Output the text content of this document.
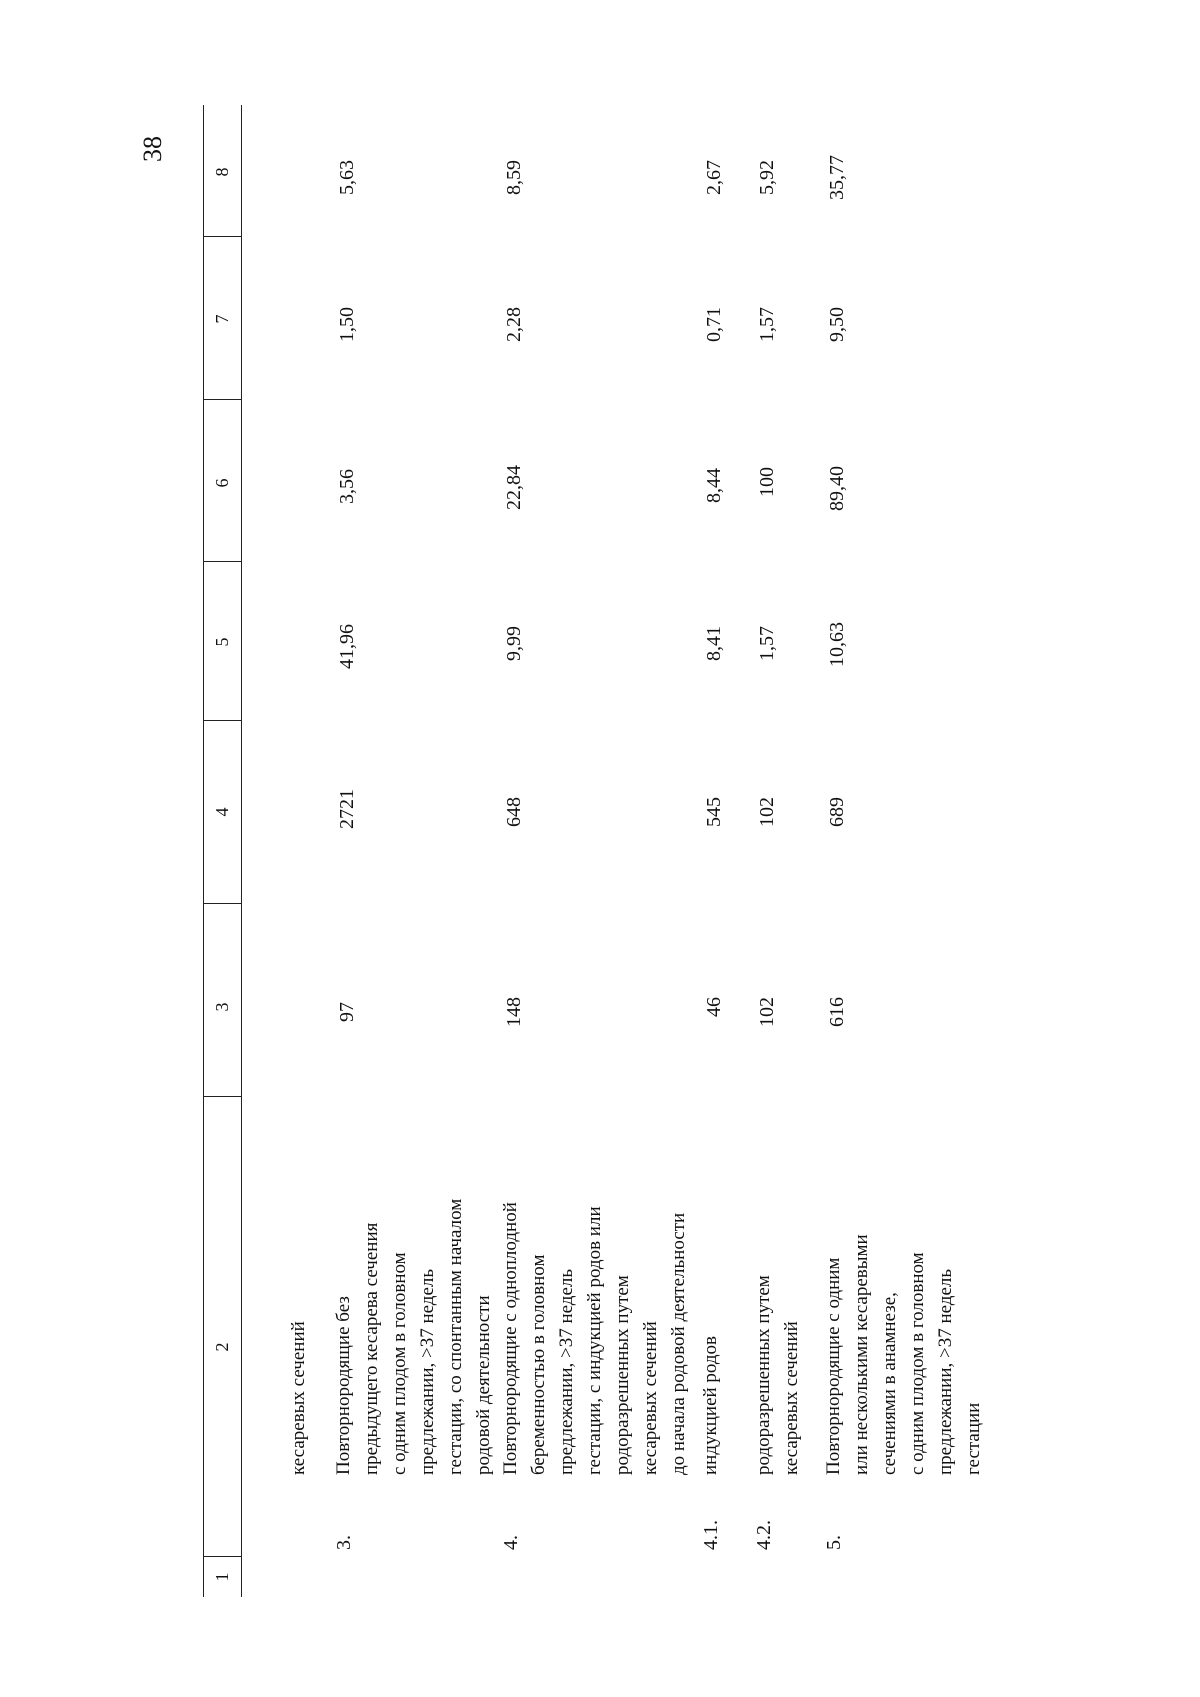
38
1
2
3
4
5
6
7
8
кесаревых сечений
3.
Повторнородящие без
предыдущего кесарева сечения
с одним плодом в головном
предлежании, >37 недель
гестации, со спонтанным началом
родовой деятельности
97
2721
41,96
3,56
1,50
5,63
4.
Повторнородящие с одноплодной
беременностью в головном
предлежании, >37 недель
гестации, с индукцией родов или
родоразрешенных путем
кесаревых сечений
до начала родовой деятельности
148
648
9,99
22,84
2,28
8,59
4.1.
индукцией родов
46
545
8,41
8,44
0,71
2,67
4.2.
родоразрешенных путем
кесаревых сечений
102
102
1,57
100
1,57
5,92
5.
Повторнородящие с одним
или несколькими кесаревыми
сечениями в анамнезе,
с одним плодом в головном
предлежании, >37 недель
гестации
616
689
10,63
89,40
9,50
35,77
